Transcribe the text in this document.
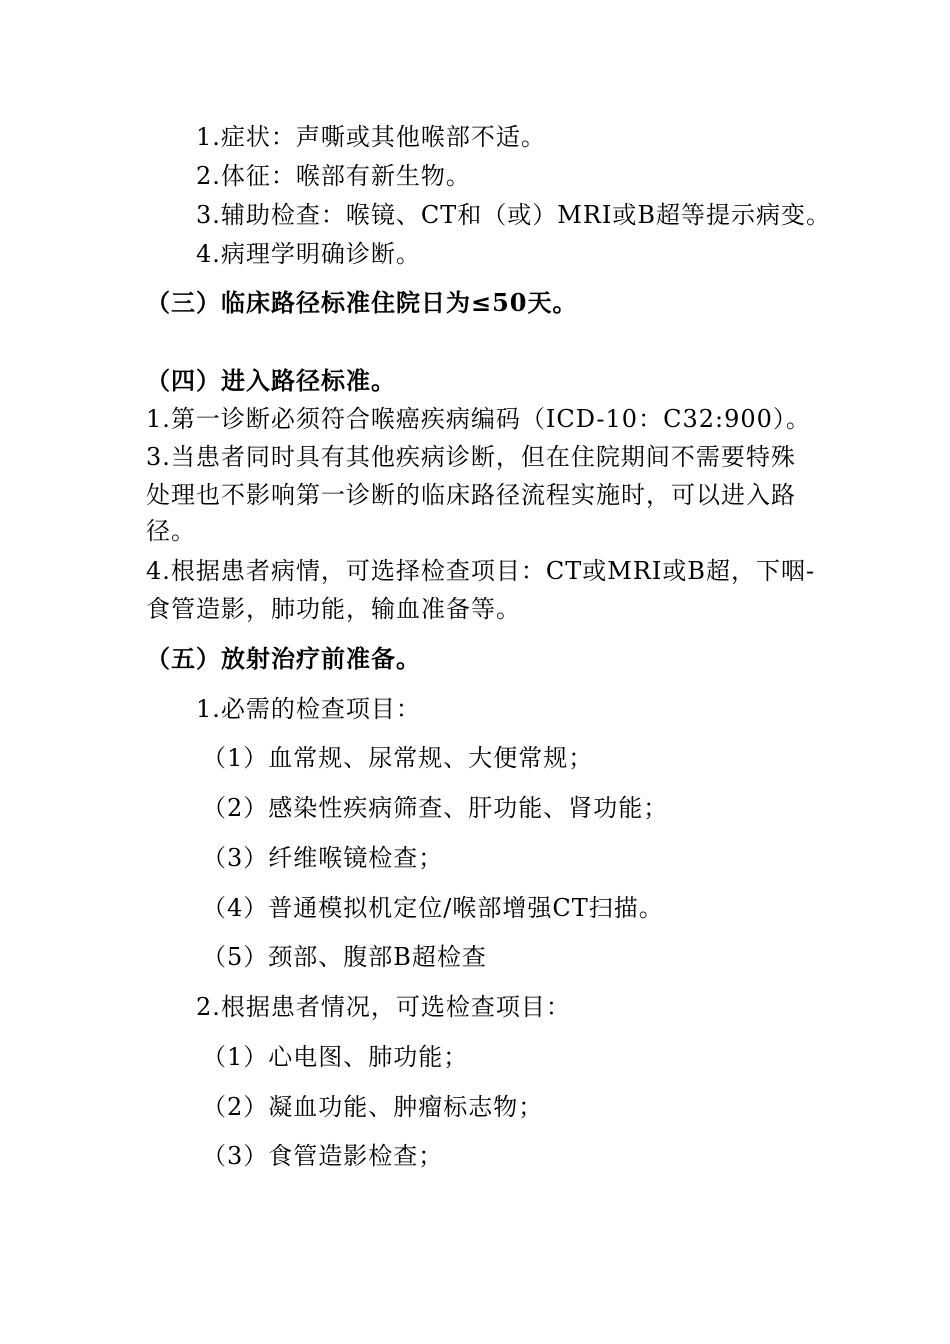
1.症状：声嘶或其他喉部不适。
2.体征：喉部有新生物。
3.辅助检查：喉镜、CT和（或）MRI或B超等提示病变。
4.病理学明确诊断。
（三）临床路径标准住院日为≤50天。
（四）进入路径标准。
1.第一诊断必须符合喉癌疾病编码（ICD-10：C32:900）。
3.当患者同时具有其他疾病诊断，但在住院期间不需要特殊
处理也不影响第一诊断的临床路径流程实施时，可以进入路
径。
4.根据患者病情，可选择检查项目：CT或MRI或B超，下咽-
食管造影，肺功能，输血准备等。
（五）放射治疗前准备。
1.必需的检查项目：
（1）血常规、尿常规、大便常规；
（2）感染性疾病筛查、肝功能、肾功能；
（3）纤维喉镜检查；
（4）普通模拟机定位/喉部增强CT扫描。
（5）颈部、腹部B超检查
2.根据患者情况，可选检查项目：
（1）心电图、肺功能；
（2）凝血功能、肿瘤标志物；
（3）食管造影检查；
